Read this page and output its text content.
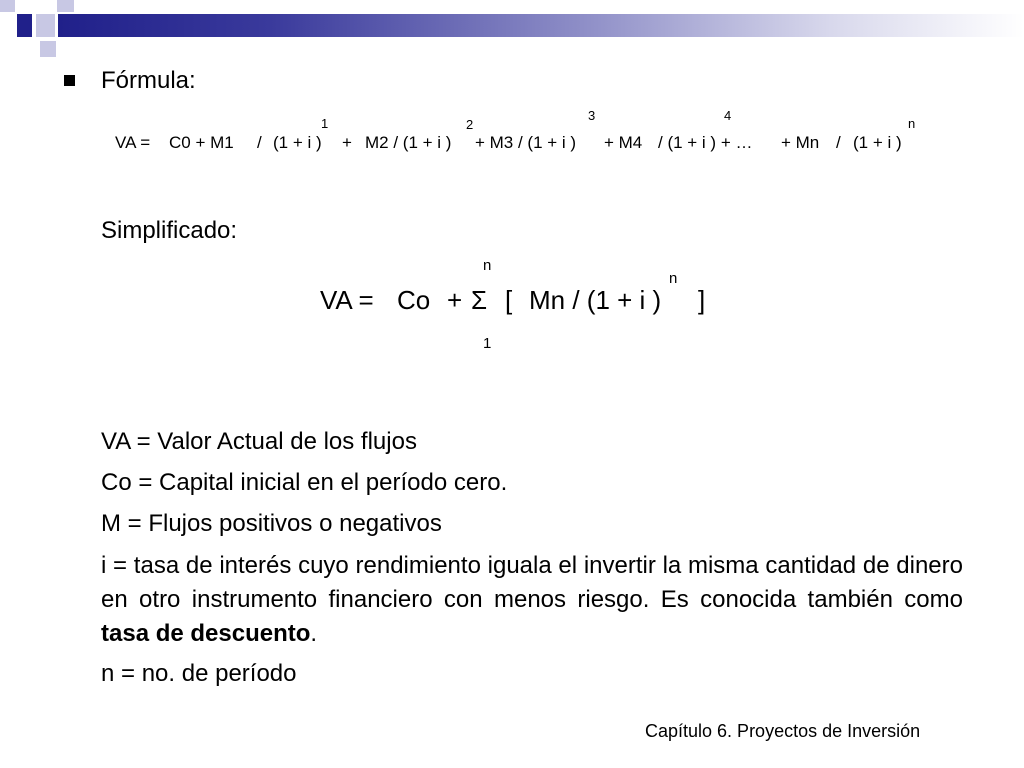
Fórmula:
1	2
3	4
n
VA = C0 + M1 / (1 + i ) + M2 / (1 + i ) + M3 / (1 + i ) + M4 / (1 + i ) + … + Mn / (1 + i )
Simplificado:
n
1
n
VA = Co + Σ [ Mn / (1 + i ) ]
VA = Valor Actual de los flujos
Co = Capital inicial en el período cero.
M = Flujos positivos o negativos
i = tasa de interés cuyo rendimiento iguala el invertir la misma cantidad de dinero en otro instrumento financiero con menos riesgo. Es conocida también como tasa de descuento.
n = no. de período
Capítulo 6. Proyectos de Inversión
